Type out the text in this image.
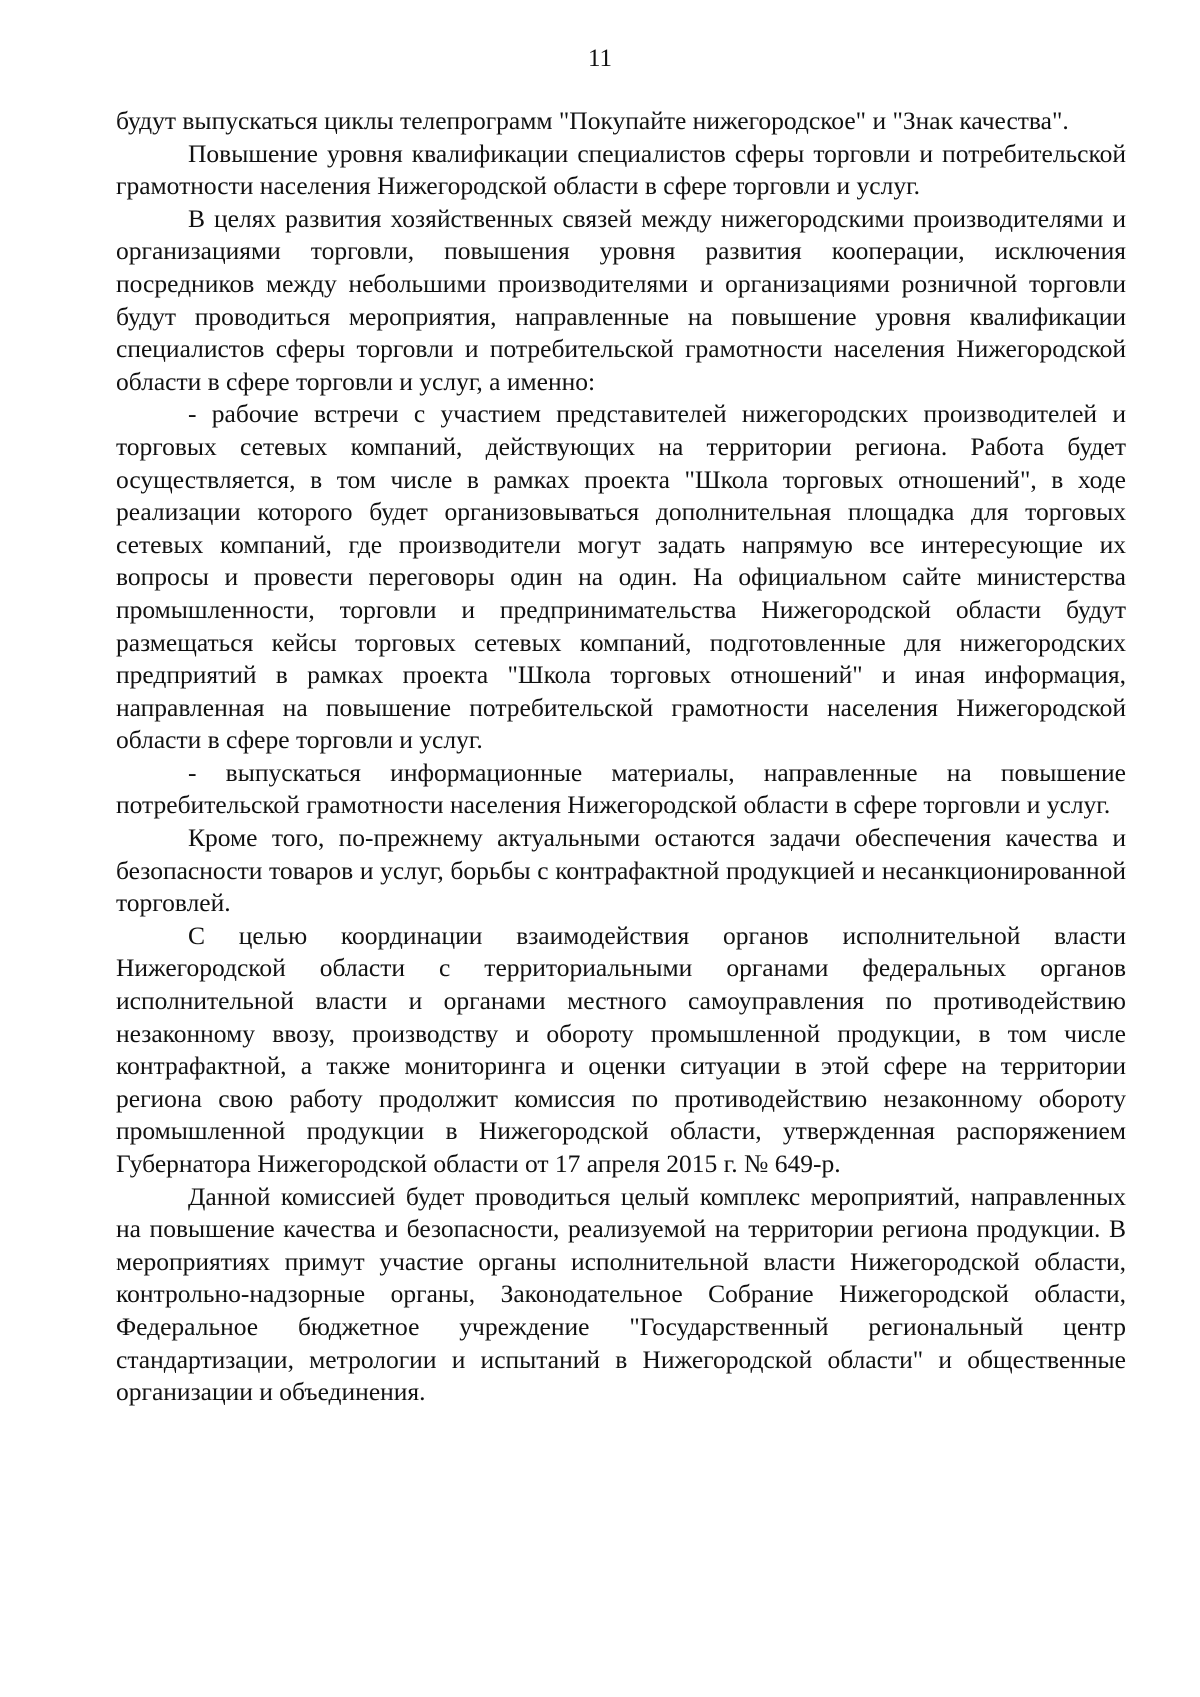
11

будут выпускаться циклы телепрограмм "Покупайте нижегородское" и "Знак качества".

Повышение уровня квалификации специалистов сферы торговли и потребительской грамотности населения Нижегородской области в сфере торговли и услуг.

В целях развития хозяйственных связей между нижегородскими производителями и организациями торговли, повышения уровня развития кооперации, исключения посредников между небольшими производителями и организациями розничной торговли будут проводиться мероприятия, направленные на повышение уровня квалификации специалистов сферы торговли и потребительской грамотности населения Нижегородской области в сфере торговли и услуг, а именно:

- рабочие встречи с участием представителей нижегородских производителей и торговых сетевых компаний, действующих на территории региона. Работа будет осуществляется, в том числе в рамках проекта "Школа торговых отношений", в ходе реализации которого будет организовываться дополнительная площадка для торговых сетевых компаний, где производители могут задать напрямую все интересующие их вопросы и провести переговоры один на один. На официальном сайте министерства промышленности, торговли и предпринимательства Нижегородской области будут размещаться кейсы торговых сетевых компаний, подготовленные для нижегородских предприятий в рамках проекта "Школа торговых отношений" и иная информация, направленная на повышение потребительской грамотности населения Нижегородской области в сфере торговли и услуг.

- выпускаться информационные материалы, направленные на повышение потребительской грамотности населения Нижегородской области в сфере торговли и услуг.

Кроме того, по-прежнему актуальными остаются задачи обеспечения качества и безопасности товаров и услуг, борьбы с контрафактной продукцией и несанкционированной торговлей.

С целью координации взаимодействия органов исполнительной власти Нижегородской области с территориальными органами федеральных органов исполнительной власти и органами местного самоуправления по противодействию незаконному ввозу, производству и обороту промышленной продукции, в том числе контрафактной, а также мониторинга и оценки ситуации в этой сфере на территории региона свою работу продолжит комиссия по противодействию незаконному обороту промышленной продукции в Нижегородской области, утвержденная распоряжением Губернатора Нижегородской области от 17 апреля 2015 г. № 649-р.

Данной комиссией будет проводиться целый комплекс мероприятий, направленных на повышение качества и безопасности, реализуемой на территории региона продукции. В мероприятиях примут участие органы исполнительной власти Нижегородской области, контрольно-надзорные органы, Законодательное Собрание Нижегородской области, Федеральное бюджетное учреждение "Государственный региональный центр стандартизации, метрологии и испытаний в Нижегородской области" и общественные организации и объединения.
